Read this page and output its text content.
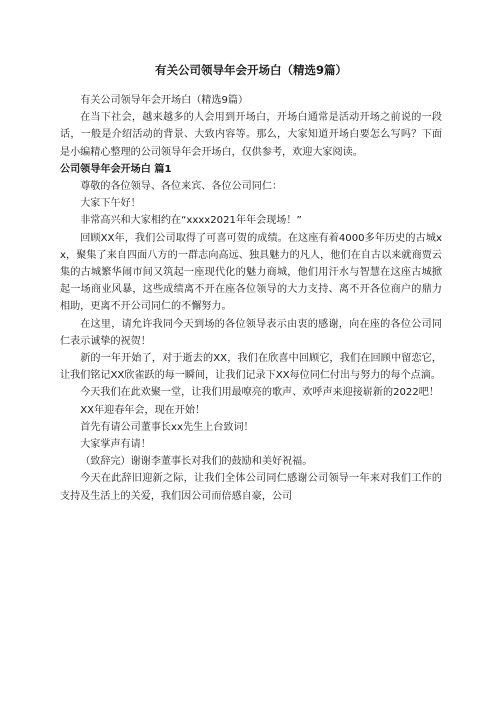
有关公司领导年会开场白（精选9篇）

有关公司领导年会开场白（精选9篇）

在当下社会，越来越多的人会用到开场白，开场白通常是活动开场之前说的一段话，一般是介绍活动的背景、大致内容等。那么，大家知道开场白要怎么写吗？下面是小编精心整理的公司领导年会开场白，仅供参考，欢迎大家阅读。

公司领导年会开场白 篇1

尊敬的各位领导、各位来宾、各位公司同仁：

大家下午好！

非常高兴和大家相约在“xxxx2021年年会现场！”

回顾XX年，我们公司取得了可喜可贺的成绩。在这座有着4000多年历史的古城xx，聚集了来自四面八方的一群志向高远、独具魅力的凡人，他们在自古以来就商贾云集的古城繁华闹市间又筑起一座现代化的魅力商城，他们用汗水与智慧在这座古城掀起一场商业风暴，这些成绩离不开在座各位领导的大力支持、离不开各位商户的鼎力相助，更离不开公司同仁的不懈努力。

在这里，请允许我同今天到场的各位领导表示由衷的感谢，向在座的各位公司同仁表示诚挚的祝贺！

新的一年开始了，对于逝去的XX，我们在欣喜中回顾它，我们在回顾中留恋它，让我们铭记XX欣雀跃的每一瞬间，让我们记录下XX每位同仁付出与努力的每个点滴。

今天我们在此欢聚一堂，让我们用最嘹亮的歌声、欢呼声来迎接崭新的2022吧！

XX年迎春年会，现在开始！

首先有请公司董事长xx先生上台致词！

大家掌声有请！

（致辞完）谢谢李董事长对我们的鼓励和美好祝福。

今天在此辞旧迎新之际，让我们全体公司同仁感谢公司领导一年来对我们工作的支持及生活上的关爱，我们因公司而倍感自豪，公司
